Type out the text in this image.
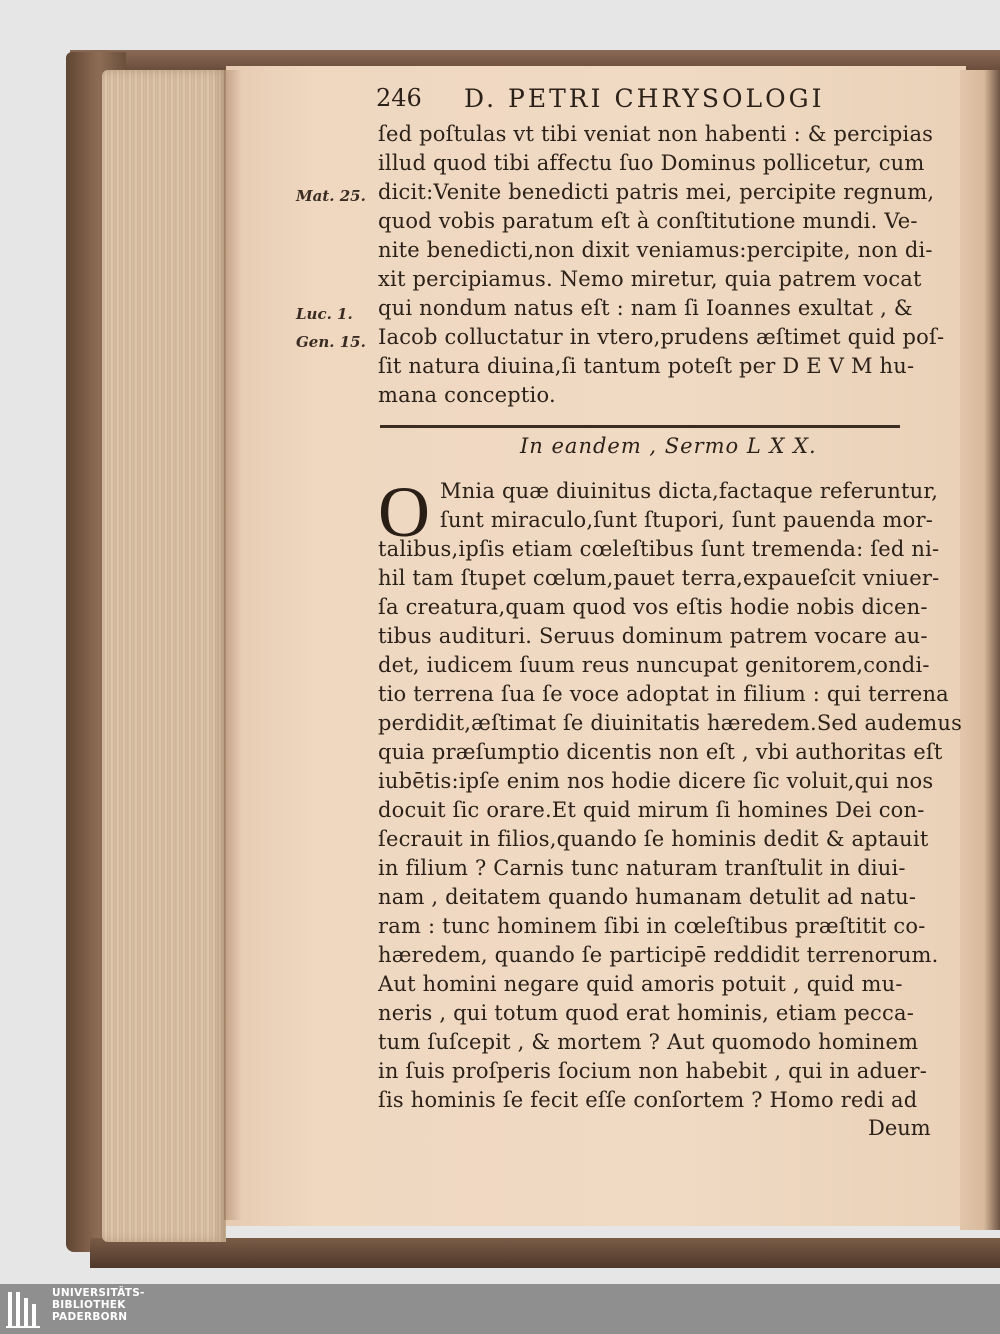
246 D. PETRI CHRYSOLOGI
Mat. 25.
Luc. 1.
Gen. 15.
ſed poſtulas vt tibi veniat non habenti : & percipias
illud quod tibi affectu ſuo Dominus pollicetur, cum
dicit:Venite benedicti patris mei, percipite regnum,
quod vobis paratum eſt à conſtitutione mundi. Ve-
nite benedicti,non dixit veniamus:percipite, non di-
xit percipiamus. Nemo miretur, quia patrem vocat
qui nondum natus eſt : nam ſi Ioannes exultat , &
Iacob colluctatur in vtero,prudens æſtimet quid poſ-
ſit natura diuina,ſi tantum poteſt per D E V M hu-
mana conceptio.
In eandem , Sermo L X X.
O Mnia quæ diuinitus dicta,factaque referuntur,
ſunt miraculo,ſunt ſtupori, ſunt pauenda mor-
talibus,ipſis etiam cœleſtibus ſunt tremenda: ſed ni-
hil tam ſtupet cœlum,pauet terra,expaueſcit vniuer-
ſa creatura,quam quod vos eſtis hodie nobis dicen-
tibus audituri. Seruus dominum patrem vocare au-
det, iudicem ſuum reus nuncupat genitorem,condi-
tio terrena ſua ſe voce adoptat in filium : qui terrena
perdidit,æſtimat ſe diuinitatis hæredem.Sed audemus
quia præſumptio dicentis non eſt , vbi authoritas eſt
iubētis:ipſe enim nos hodie dicere ſic voluit,qui nos
docuit ſic orare.Et quid mirum ſi homines Dei con-
ſecrauit in filios,quando ſe hominis dedit & aptauit
in filium ? Carnis tunc naturam tranſtulit in diui-
nam , deitatem quando humanam detulit ad natu-
ram : tunc hominem ſibi in cœleſtibus præſtitit co-
hæredem, quando ſe participē reddidit terrenorum.
Aut homini negare quid amoris potuit , quid mu-
neris , qui totum quod erat hominis, etiam pecca-
tum ſuſcepit , & mortem ? Aut quomodo hominem
in ſuis proſperis ſocium non habebit , qui in aduer-
ſis hominis ſe fecit eſſe conſortem ? Homo redi ad
Deum
UNIVERSITÄTS-
BIBLIOTHEK
PADERBORN
